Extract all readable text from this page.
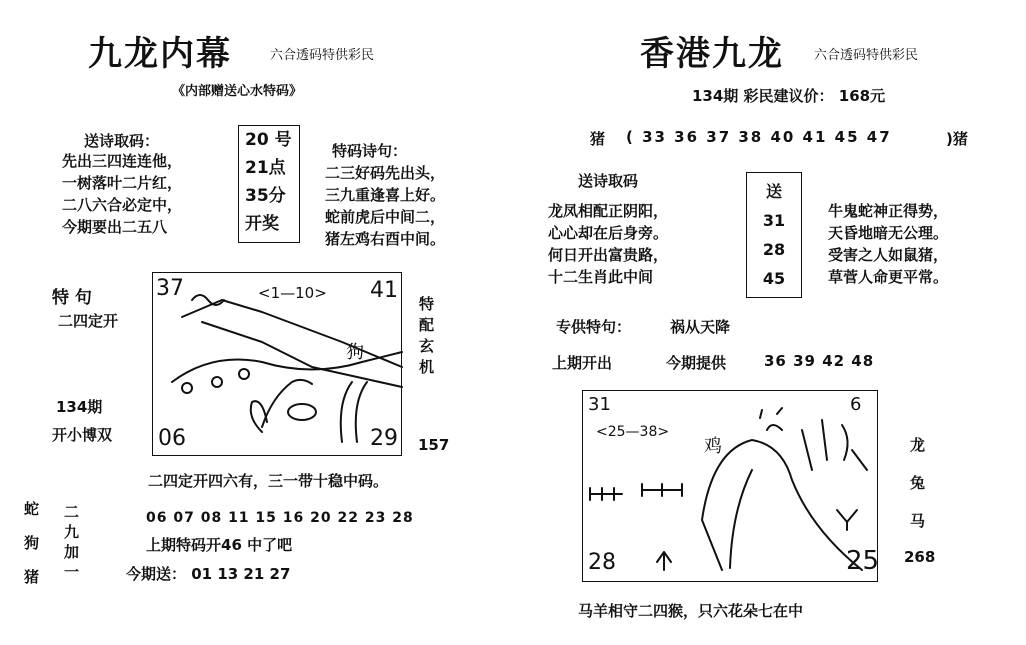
九龙内幕	六合透码特供彩民
《内部赠送心水特码》
送诗取码：
先出三四连连他，
一树落叶二片红，
二八六合必定中，
今期要出二五八
20 号
21点
35分
开奖
特码诗句：
二三好码先出头，
三九重逢喜上好。
蛇前虎后中间二，
猪左鸡右酉中间。
特 句
二四定开
134期
开小博双
37	<1—10> 41
06	29
狗	特配玄机
157
二四定开四六有，三一带十稳中码。
蛇
狗
猪
二
九
加
一
06 07 08 11 15 16 20 22 23 28
上期特码开46 中了吧
今期送： 01 13 21 27
香港九龙 六合透码特供彩民
134期 彩民建议价： 168元
猪 ( 33 36 37 38 40 41 45 47	)猪
送诗取码
龙凤相配正阴阳，
心心却在后身旁。
何日开出富贵路，
十二生肖此中间
送
31
28
45
牛鬼蛇神正得势，
天昏地暗无公理。
受害之人如鼠猪，
草菅人命更平常。
专供特句：	祸从天降
上期开出	今期提供	36 39 42 48
31
<25—38>
6
28	25
鸡	龙
兔
马
268
马羊相守二四猴，只六花朵七在中
